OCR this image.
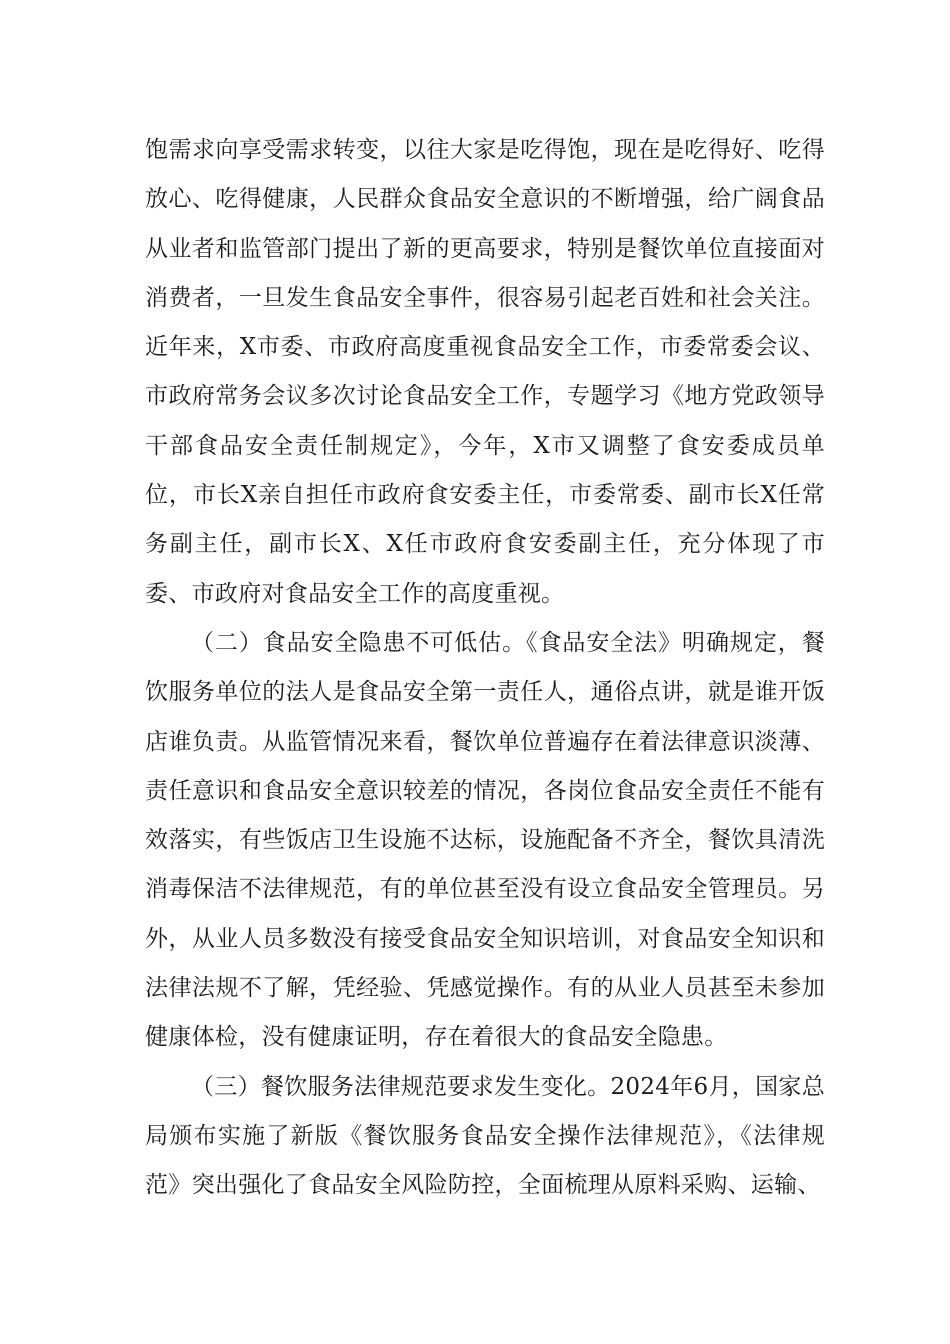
饱需求向享受需求转变，以往大家是吃得饱，现在是吃得好、吃得放心、吃得健康，人民群众食品安全意识的不断增强，给广阔食品从业者和监管部门提出了新的更高要求，特别是餐饮单位直接面对消费者，一旦发生食品安全事件，很容易引起老百姓和社会关注。近年来，X市委、市政府高度重视食品安全工作，市委常委会议、市政府常务会议多次讨论食品安全工作，专题学习《地方党政领导干部食品安全责任制规定》，今年，X市又调整了食安委成员单位，市长X亲自担任市政府食安委主任，市委常委、副市长X任常务副主任，副市长X、X任市政府食安委副主任，充分体现了市委、市政府对食品安全工作的高度重视。

（二）食品安全隐患不可低估。《食品安全法》明确规定，餐饮服务单位的法人是食品安全第一责任人，通俗点讲，就是谁开饭店谁负责。从监管情况来看，餐饮单位普遍存在着法律意识淡薄、责任意识和食品安全意识较差的情况，各岗位食品安全责任不能有效落实，有些饭店卫生设施不达标，设施配备不齐全，餐饮具清洗消毒保洁不法律规范，有的单位甚至没有设立食品安全管理员。另外，从业人员多数没有接受食品安全知识培训，对食品安全知识和法律法规不了解，凭经验、凭感觉操作。有的从业人员甚至未参加健康体检，没有健康证明，存在着很大的食品安全隐患。

（三）餐饮服务法律规范要求发生变化。2024年6月，国家总局颁布实施了新版《餐饮服务食品安全操作法律规范》，《法律规范》突出强化了食品安全风险防控，全面梳理从原料采购、运输、
